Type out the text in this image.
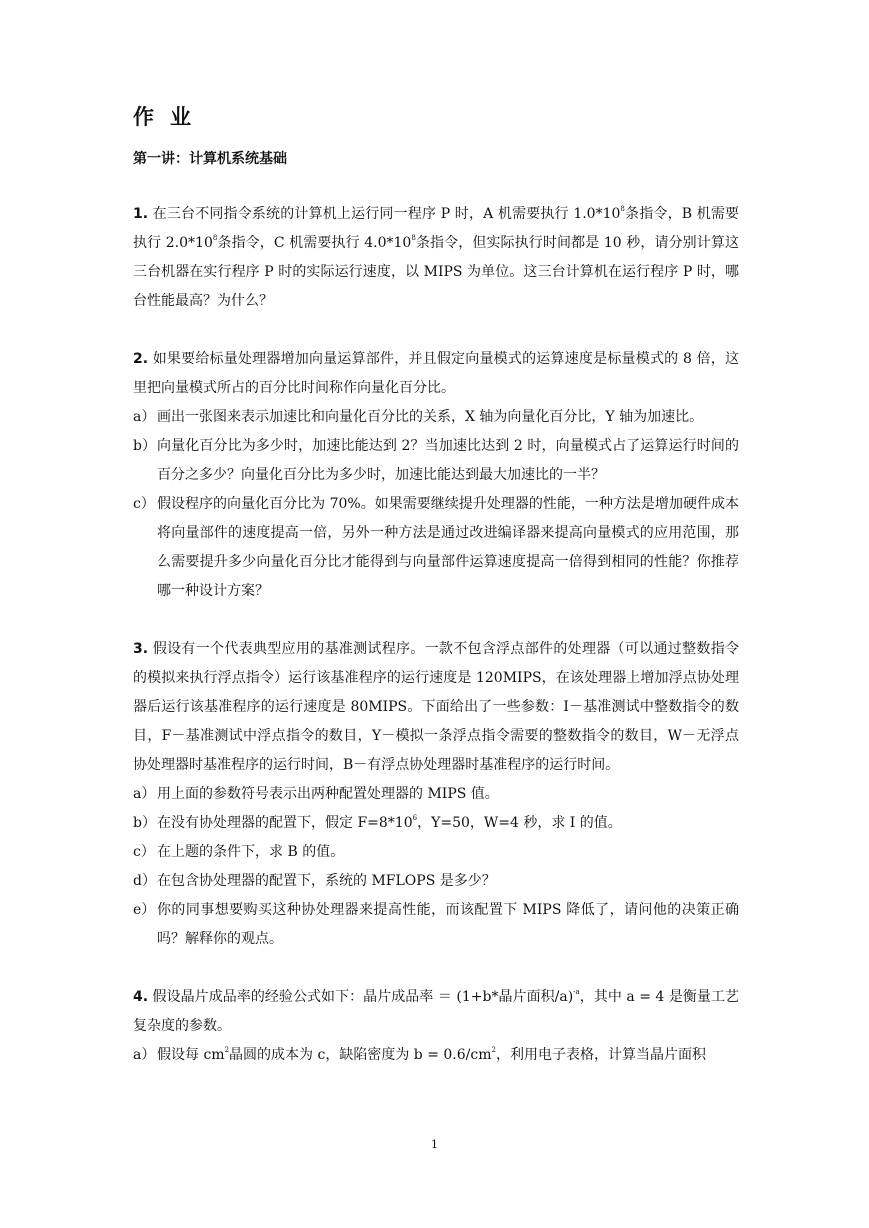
作 业
第一讲：计算机系统基础

1. 在三台不同指令系统的计算机上运行同一程序 P 时，A 机需要执行 $1.0*10^8$条指令，B 机需要执行 $2.0*10^8$条指令，C 机需要执行 $4.0*10^8$条指令，但实际执行时间都是 10 秒，请分别计算这三台机器在实行程序 P 时的实际运行速度，以 MIPS 为单位。这三台计算机在运行程序 P 时，哪台性能最高？为什么？

2. 如果要给标量处理器增加向量运算部件，并且假定向量模式的运算速度是标量模式的 8 倍，这里把向量模式所占的百分比时间称作向量化百分比。

a） 画出一张图来表示加速比和向量化百分比的关系，X 轴为向量化百分比，Y 轴为加速比。
b） 向量化百分比为多少时，加速比能达到 2？当加速比达到 2 时，向量模式占了运算运行时间的百分之多少？向量化百分比为多少时，加速比能达到最大加速比的一半？
c） 假设程序的向量化百分比为 70%。如果需要继续提升处理器的性能，一种方法是增加硬件成本将向量部件的速度提高一倍，另外一种方法是通过改进编译器来提高向量模式的应用范围，那么需要提升多少向量化百分比才能得到与向量部件运算速度提高一倍得到相同的性能？你推荐哪一种设计方案？

3. 假设有一个代表典型应用的基准测试程序。一款不包含浮点部件的处理器（可以通过整数指令的模拟来执行浮点指令）运行该基准程序的运行速度是 120MIPS，在该处理器上增加浮点协处理器后运行该基准程序的运行速度是 80MIPS。下面给出了一些参数：I－基准测试中整数指令的数目，F－基准测试中浮点指令的数目，Y－模拟一条浮点指令需要的整数指令的数目，W－无浮点协处理器时基准程序的运行时间，B－有浮点协处理器时基准程序的运行时间。

a） 用上面的参数符号表示出两种配置处理器的 MIPS 值。
b） 在没有协处理器的配置下，假定 $F=8*10^6$，Y=50，W=4 秒，求 I 的值。
c） 在上题的条件下，求 B 的值。
d） 在包含协处理器的配置下，系统的 MFLOPS 是多少？
e） 你的同事想要购买这种协处理器来提高性能，而该配置下 MIPS 降低了，请问他的决策正确吗？解释你的观点。

4. 假设晶片成品率的经验公式如下：晶片成品率 ＝ (1+b*晶片面积/a)$^{-a}$，其中 a = 4 是衡量工艺复杂度的参数。

a） 假设每 $cm^2$晶圆的成本为 c，缺陷密度为 $b = 0.6/cm^2$，利用电子表格，计算当晶片面积
1
